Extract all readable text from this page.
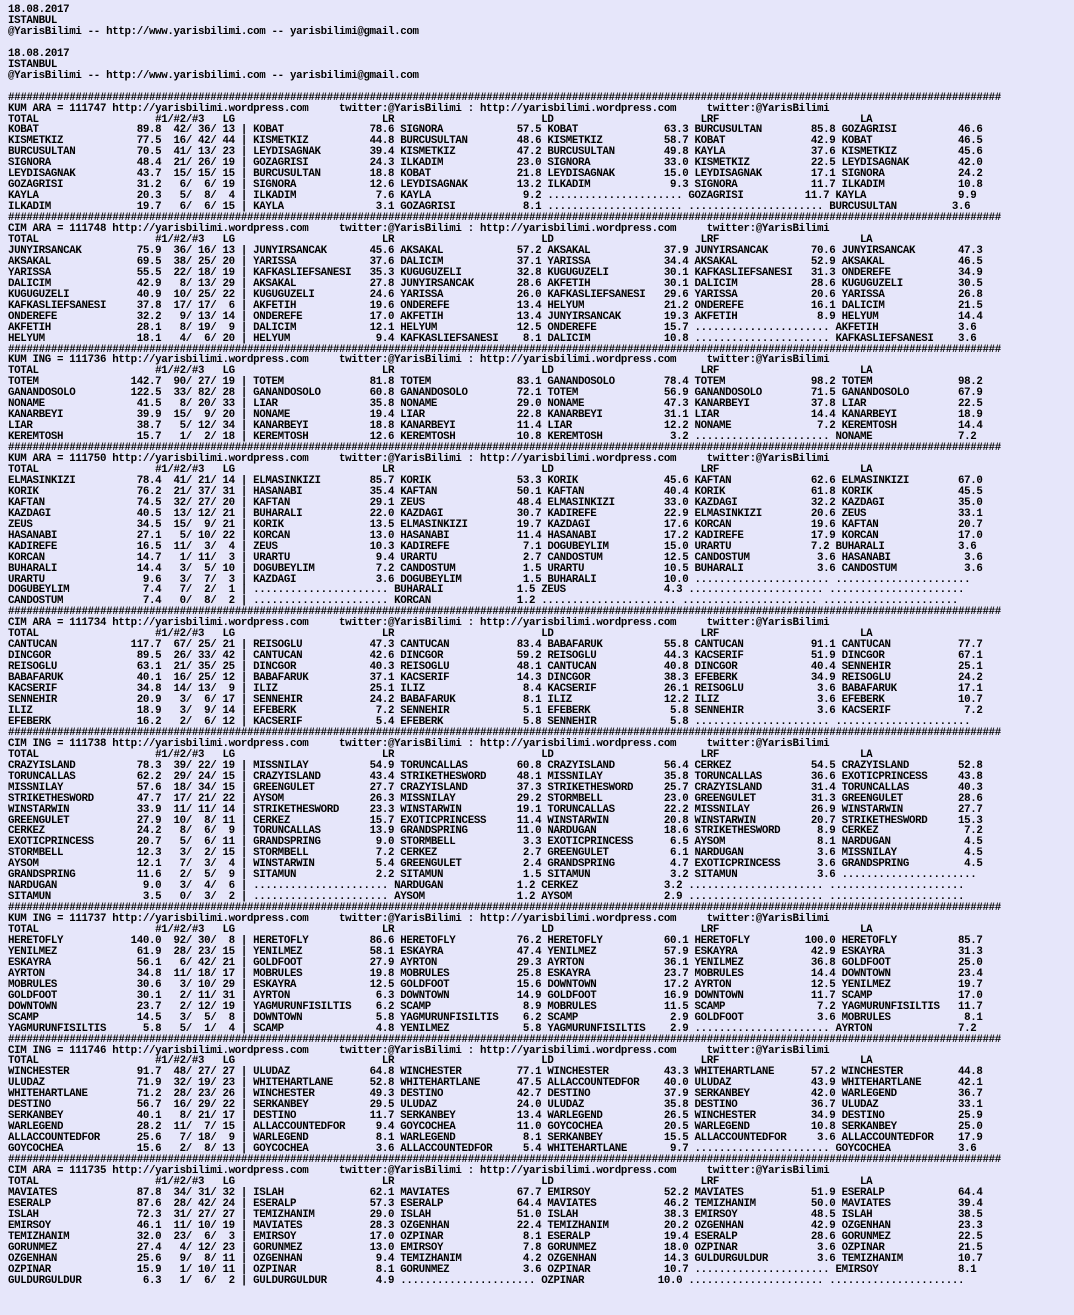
18.08.2017
ISTANBUL
@YarisBilimi -- http://www.yarisbilimi.com -- yarisbilimi@gmail.com
18.08.2017
ISTANBUL
@YarisBilimi -- http://www.yarisbilimi.com -- yarisbilimi@gmail.com
##################################################################################################################################################################
KUM ARA = 111747 http://yarisbilimi.wordpress.com     twitter:@YarisBilimi : http://yarisbilimi.wordpress.com     twitter:@YarisBilimi
TOTAL                   #1/#2/#3   LG                        LR                        LD                        LRF                       LA
KOBAT                89.8  42/ 36/ 13 | KOBAT              78.6 SIGNORA            57.5 KOBAT              63.3 BURCUSULTAN        85.8 GOZAGRISI          46.6
KISMETKIZ            77.5  16/ 42/ 44 | KISMETKIZ          44.8 BURCUSULTAN        48.6 KISMETKIZ          58.7 KOBAT              42.9 KOBAT              46.5
BURCUSULTAN          70.5  41/ 13/ 23 | LEYDISAGNAK        39.4 KISMETKIZ          47.2 BURCUSULTAN        49.8 KAYLA              37.6 KISMETKIZ          45.6
SIGNORA              48.4  21/ 26/ 19 | GOZAGRISI          24.3 ILKADIM            23.0 SIGNORA            33.0 KISMETKIZ          22.5 LEYDISAGNAK        42.0
LEYDISAGNAK          43.7  15/ 15/ 15 | BURCUSULTAN        18.8 KOBAT              21.8 LEYDISAGNAK        15.0 LEYDISAGNAK        17.1 SIGNORA            24.2
GOZAGRISI            31.2   6/  6/ 19 | SIGNORA            12.6 LEYDISAGNAK        13.2 ILKADIM             9.3 SIGNORA            11.7 ILKADIM            10.8
KAYLA                20.3   5/  8/  4 | ILKADIM             7.6 KAYLA               9.2 ...................... GOZAGRISI          11.7 KAYLA               9.9
ILKADIM              19.7   6/  6/ 15 | KAYLA               3.1 GOZAGRISI           8.1 ...................... ...................... BURCUSULTAN         3.6
##################################################################################################################################################################
CIM ARA = 111748 http://yarisbilimi.wordpress.com     twitter:@YarisBilimi : http://yarisbilimi.wordpress.com     twitter:@YarisBilimi
TOTAL                   #1/#2/#3   LG                        LR                        LD                        LRF                       LA
JUNYIRSANCAK         75.9  36/ 16/ 13 | JUNYIRSANCAK       45.6 AKSAKAL            57.2 AKSAKAL            37.9 JUNYIRSANCAK       70.6 JUNYIRSANCAK       47.3
AKSAKAL              69.5  38/ 25/ 20 | YARISSA            37.6 DALICIM            37.1 YARISSA            34.4 AKSAKAL            52.9 AKSAKAL            46.5
YARISSA              55.5  22/ 18/ 19 | KAFKASLIEFSANESI   35.3 KUGUGUZELI         32.8 KUGUGUZELI         30.1 KAFKASLIEFSANESI   31.3 ONDEREFE           34.9
DALICIM              42.9   8/ 13/ 29 | AKSAKAL            27.8 JUNYIRSANCAK       28.6 AKFETIH            30.1 DALICIM            28.6 KUGUGUZELI         30.5
KUGUGUZELI           40.9  10/ 25/ 22 | KUGUGUZELI         24.6 YARISSA            26.0 KAFKASLIEFSANESI   29.6 YARISSA            20.6 YARISSA            26.8
KAFKASLIEFSANESI     37.8  17/ 17/  6 | AKFETIH            19.6 ONDEREFE           13.4 HELYUM             21.2 ONDEREFE           16.1 DALICIM            21.5
ONDEREFE             32.2   9/ 13/ 14 | ONDEREFE           17.0 AKFETIH            13.4 JUNYIRSANCAK       19.3 AKFETIH             8.9 HELYUM             14.4
AKFETIH              28.1   8/ 19/  9 | DALICIM            12.1 HELYUM             12.5 ONDEREFE           15.7 ...................... AKFETIH             3.6
HELYUM               18.1   4/  6/ 20 | HELYUM              9.4 KAFKASLIEFSANESI    8.1 DALICIM            10.8 ...................... KAFKASLIEFSANESI    3.6
##################################################################################################################################################################
KUM ING = 111736 http://yarisbilimi.wordpress.com     twitter:@YarisBilimi : http://yarisbilimi.wordpress.com     twitter:@YarisBilimi
TOTAL                   #1/#2/#3   LG                        LR                        LD                        LRF                       LA
TOTEM               142.7  90/ 27/ 19 | TOTEM              81.8 TOTEM              83.1 GANANDOSOLO        78.4 TOTEM              98.2 TOTEM              98.2
GANANDOSOLO         122.5  33/ 82/ 28 | GANANDOSOLO        60.8 GANANDOSOLO        72.1 TOTEM              56.9 GANANDOSOLO        71.5 GANANDOSOLO        67.9
NONAME               41.5   8/ 20/ 33 | LIAR               35.8 NONAME             29.0 NONAME             47.3 KANARBEYI          37.8 LIAR               22.5
KANARBEYI            39.9  15/  9/ 20 | NONAME             19.4 LIAR               22.8 KANARBEYI          31.1 LIAR               14.4 KANARBEYI          18.9
LIAR                 38.7   5/ 12/ 34 | KANARBEYI          18.8 KANARBEYI          11.4 LIAR               12.2 NONAME              7.2 KEREMTOSH          14.4
KEREMTOSH            15.7   1/  2/ 18 | KEREMTOSH          12.6 KEREMTOSH          10.8 KEREMTOSH           3.2 ...................... NONAME              7.2
##################################################################################################################################################################
KUM ARA = 111750 http://yarisbilimi.wordpress.com     twitter:@YarisBilimi : http://yarisbilimi.wordpress.com     twitter:@YarisBilimi
TOTAL                   #1/#2/#3   LG                        LR                        LD                        LRF                       LA
ELMASINKIZI          78.4  41/ 21/ 14 | ELMASINKIZI        85.7 KORIK              53.3 KORIK              45.6 KAFTAN             62.6 ELMASINKIZI        67.0
KORIK                76.2  21/ 37/ 31 | HASANABI           35.4 KAFTAN             50.1 KAFTAN             40.4 KORIK              61.8 KORIK              45.5
KAFTAN               74.5  32/ 27/ 20 | KAFTAN             29.1 ZEUS               48.4 ELMASINKIZI        33.0 KAZDAGI            32.2 KAZDAGI            35.0
KAZDAGI              40.5  13/ 12/ 21 | BUHARALI           22.0 KAZDAGI            30.7 KADIREFE           22.9 ELMASINKIZI        20.6 ZEUS               33.1
ZEUS                 34.5  15/  9/ 21 | KORIK              13.5 ELMASINKIZI        19.7 KAZDAGI            17.6 KORCAN             19.6 KAFTAN             20.7
HASANABI             27.1   5/ 10/ 22 | KORCAN             13.0 HASANABI           11.4 HASANABI           17.2 KADIREFE           17.9 KORCAN             17.0
KADIREFE             16.5  11/  3/  4 | ZEUS               10.3 KADIREFE            7.1 DOGUBEYLIM         15.0 URARTU             7.2 BUHARALI            3.6
KORCAN               14.7   1/ 11/  3 | URARTU              9.4 URARTU              2.7 CANDOSTUM          12.5 CANDOSTUM           3.6 HASANABI            3.6
BUHARALI             14.4   3/  5/ 10 | DOGUBEYLIM          7.2 CANDOSTUM           1.5 URARTU             10.5 BUHARALI            3.6 CANDOSTUM           3.6
URARTU                9.6   3/  7/  3 | KAZDAGI             3.6 DOGUBEYLIM          1.5 BUHARALI           10.0 ...................... ......................
DOGUBEYLIM            7.4   7/  2/  1 | ...................... BUHARALI            1.5 ZEUS                4.3 ...................... ......................
CANDOSTUM             7.4   0/  8/  2 | ...................... KORCAN              1.2 ...................... ...................... ......................
##################################################################################################################################################################
CIM ARA = 111734 http://yarisbilimi.wordpress.com     twitter:@YarisBilimi : http://yarisbilimi.wordpress.com     twitter:@YarisBilimi
TOTAL                   #1/#2/#3   LG                        LR                        LD                        LRF                       LA
CANTUCAN            117.7  67/ 25/ 21 | REISOGLU           47.3 CANTUCAN           83.4 BABAFARUK          55.8 CANTUCAN           91.1 CANTUCAN           77.7
DINCGOR              89.5  26/ 33/ 42 | CANTUCAN           42.6 DINCGOR            59.2 REISOGLU           44.3 KACSERIF           51.9 DINCGOR            67.1
REISOGLU             63.1  21/ 35/ 25 | DINCGOR            40.3 REISOGLU           48.1 CANTUCAN           40.8 DINCGOR            40.4 SENNEHIR           25.1
BABAFARUK            40.1  16/ 25/ 12 | BABAFARUK          37.1 KACSERIF           14.3 DINCGOR            38.3 EFEBERK            34.9 REISOGLU           24.2
KACSERIF             34.8  14/ 13/  9 | ILIZ               25.1 ILIZ                8.4 KACSERIF           26.1 REISOGLU            3.6 BABAFARUK          17.1
SENNEHIR             20.9   3/  6/ 17 | SENNEHIR           24.2 BABAFARUK           8.1 ILIZ               12.2 ILIZ                3.6 EFEBERK            10.7
ILIZ                 18.9   3/  9/ 14 | EFEBERK             7.2 SENNEHIR            5.1 EFEBERK             5.8 SENNEHIR            3.6 KACSERIF            7.2
EFEBERK              16.2   2/  6/ 12 | KACSERIF            5.4 EFEBERK             5.8 SENNEHIR            5.8 ...................... ......................
##################################################################################################################################################################
CIM ING = 111738 http://yarisbilimi.wordpress.com     twitter:@YarisBilimi : http://yarisbilimi.wordpress.com     twitter:@YarisBilimi
TOTAL                   #1/#2/#3   LG                        LR                        LD                        LRF                       LA
CRAZYISLAND          78.3  39/ 22/ 19 | MISSNILAY          54.9 TORUNCALLAS        60.8 CRAZYISLAND        56.4 CERKEZ             54.5 CRAZYISLAND        52.8
TORUNCALLAS          62.2  29/ 24/ 15 | CRAZYISLAND        43.4 STRIKETHESWORD     48.1 MISSNILAY          35.8 TORUNCALLAS        36.6 EXOTICPRINCESS     43.8
MISSNILAY            57.6  18/ 34/ 15 | GREENGULET         27.7 CRAZYISLAND        37.3 STRIKETHESWORD     25.7 CRAZYISLAND        31.4 TORUNCALLAS        40.3
STRIKETHESWORD       47.7  17/ 21/ 22 | AYSOM              26.3 MISSNILAY          29.2 STORMBELL          23.0 GREENGULET         31.3 GREENGULET         28.6
WINSTARWIN           33.9  11/ 11/ 14 | STRIKETHESWORD     23.3 WINSTARWIN         19.1 TORUNCALLAS        22.2 MISSNILAY          26.9 WINSTARWIN         27.7
GREENGULET           27.9  10/  8/ 11 | CERKEZ             15.7 EXOTICPRINCESS     11.4 WINSTARWIN         20.8 WINSTARWIN         20.7 STRIKETHESWORD     15.3
CERKEZ               24.2   8/  6/  9 | TORUNCALLAS        13.9 GRANDSPRING        11.0 NARDUGAN           18.6 STRIKETHESWORD      8.9 CERKEZ              7.2
EXOTICPRINCESS       20.7   5/  6/ 11 | GRANDSPRING         9.0 STORMBELL           3.3 EXOTICPRINCESS      6.5 AYSOM               8.1 NARDUGAN            4.5
STORMBELL            12.3   3/  2/ 15 | STORMBELL           7.2 CERKEZ              2.7 GREENGULET          6.1 NARDUGAN            3.6 MISSNILAY           4.5
AYSOM                12.1   7/  3/  4 | WINSTARWIN          5.4 GREENGULET          2.4 GRANDSPRING         4.7 EXOTICPRINCESS      3.6 GRANDSPRING         4.5
GRANDSPRING          11.6   2/  5/  9 | SITAMUN             2.2 SITAMUN             1.5 SITAMUN             3.2 SITAMUN             3.6 ......................
NARDUGAN              9.0   3/  4/  6 | ...................... NARDUGAN            1.2 CERKEZ              3.2 ...................... ......................
SITAMUN               3.5   0/  3/  2 | ...................... AYSOM               1.2 AYSOM               2.9 ...................... ......................
##################################################################################################################################################################
KUM ING = 111737 http://yarisbilimi.wordpress.com     twitter:@YarisBilimi : http://yarisbilimi.wordpress.com     twitter:@YarisBilimi
TOTAL                   #1/#2/#3   LG                        LR                        LD                        LRF                       LA
HERETOFLY           140.0  92/ 30/  8 | HERETOFLY          86.6 HERETOFLY          76.2 HERETOFLY          60.1 HERETOFLY         100.0 HERETOFLY          85.7
YENILMEZ             61.9  28/ 23/ 15 | YENILMEZ           58.1 ESKAYRA            47.4 YENILMEZ           57.9 ESKAYRA            42.9 ESKAYRA            31.3
ESKAYRA              56.1   6/ 42/ 21 | GOLDFOOT           27.9 AYRTON             29.3 AYRTON             36.1 YENILMEZ           36.8 GOLDFOOT           25.0
AYRTON               34.8  11/ 18/ 17 | MOBRULES           19.8 MOBRULES           25.8 ESKAYRA            23.7 MOBRULES           14.4 DOWNTOWN           23.4
MOBRULES             30.6   3/ 10/ 29 | ESKAYRA            12.5 GOLDFOOT           15.6 DOWNTOWN           17.2 AYRTON             12.5 YENILMEZ           19.7
GOLDFOOT             30.1   2/ 11/ 31 | AYRTON              6.3 DOWNTOWN           14.9 GOLDFOOT           16.9 DOWNTOWN           11.7 SCAMP              17.0
DOWNTOWN             23.7   2/ 12/ 19 | YAGMURUNFISILTIS    6.2 SCAMP               8.9 MOBRULES           11.5 SCAMP               7.2 YAGMURUNFISILTIS   11.7
SCAMP                14.5   3/  5/  8 | DOWNTOWN            5.8 YAGMURUNFISILTIS    6.2 SCAMP               2.9 GOLDFOOT            3.6 MOBRULES            8.1
YAGMURUNFISILTIS      5.8   5/  1/  4 | SCAMP               4.8 YENILMEZ            5.8 YAGMURUNFISILTIS    2.9 ...................... AYRTON              7.2
##################################################################################################################################################################
CIM ING = 111746 http://yarisbilimi.wordpress.com     twitter:@YarisBilimi : http://yarisbilimi.wordpress.com     twitter:@YarisBilimi
TOTAL                   #1/#2/#3   LG                        LR                        LD                        LRF                       LA
WINCHESTER           91.7  48/ 27/ 27 | ULUDAZ             64.8 WINCHESTER         77.1 WINCHESTER         43.3 WHITEHARTLANE      57.2 WINCHESTER         44.8
ULUDAZ               71.9  32/ 19/ 23 | WHITEHARTLANE      52.8 WHITEHARTLANE      47.5 ALLACCOUNTEDFOR    40.0 ULUDAZ             43.9 WHITEHARTLANE      42.1
WHITEHARTLANE        71.2  28/ 23/ 26 | WINCHESTER         49.3 DESTINO            42.7 DESTINO            37.9 SERKANBEY          42.0 WARLEGEND          36.7
DESTINO              56.7  16/ 29/ 22 | SERKANBEY          29.5 ULUDAZ             24.0 ULUDAZ             35.8 DESTINO            36.7 ULUDAZ             33.1
SERKANBEY            40.1   8/ 21/ 17 | DESTINO            11.7 SERKANBEY          13.4 WARLEGEND          26.5 WINCHESTER         34.9 DESTINO            25.9
WARLEGEND            28.2  11/  7/ 15 | ALLACCOUNTEDFOR     9.4 GOYCOCHEA          11.0 GOYCOCHEA          20.5 WARLEGEND          10.8 SERKANBEY          25.0
ALLACCOUNTEDFOR      25.6   7/ 18/  9 | WARLEGEND           8.1 WARLEGEND           8.1 SERKANBEY          15.5 ALLACCOUNTEDFOR     3.6 ALLACCOUNTEDFOR    17.9
GOYCOCHEA            15.6   2/  8/ 13 | GOYCOCHEA           3.6 ALLACCOUNTEDFOR     5.4 WHITEHARTLANE       9.7 ...................... GOYCOCHEA           3.6
##################################################################################################################################################################
CIM ARA = 111735 http://yarisbilimi.wordpress.com     twitter:@YarisBilimi : http://yarisbilimi.wordpress.com     twitter:@YarisBilimi
TOTAL                   #1/#2/#3   LG                        LR                        LD                        LRF                       LA
MAVIATES             87.8  34/ 31/ 32 | ISLAH              62.1 MAVIATES           67.7 EMIRSOY            52.2 MAVIATES           51.9 ESERALP            64.4
ESERALP              87.6  28/ 42/ 24 | ESERALP            57.3 ESERALP            64.4 MAVIATES           46.2 TEMIZHANIM         50.0 MAVIATES           39.4
ISLAH                72.3  31/ 27/ 27 | TEMIZHANIM         29.0 ISLAH              51.0 ISLAH              38.3 EMIRSOY            48.5 ISLAH              38.5
EMIRSOY              46.1  11/ 10/ 19 | MAVIATES           28.3 OZGENHAN           22.4 TEMIZHANIM         20.2 OZGENHAN           42.9 OZGENHAN           23.3
TEMIZHANIM           32.0  23/  6/  3 | EMIRSOY            17.0 OZPINAR             8.1 ESERALP            19.4 ESERALP            28.6 GORUNMEZ           22.5
GORUNMEZ             27.4   4/ 12/ 23 | GORUNMEZ           13.0 EMIRSOY             7.8 GORUNMEZ           18.0 OZPINAR             3.6 OZPINAR            21.5
OZGENHAN             25.6   9/  8/ 11 | OZGENHAN            9.4 TEMIZHANIM          4.2 OZGENHAN           14.3 GULDURGULDUR        3.6 TEMIZHANIM         10.7
OZPINAR              15.9   1/ 10/ 11 | OZPINAR             8.1 GORUNMEZ            3.6 OZPINAR            10.7 ...................... EMIRSOY             8.1
GULDURGULDUR          6.3   1/  6/  2 | GULDURGULDUR        4.9 ...................... OZPINAR            10.0 ...................... ......................
